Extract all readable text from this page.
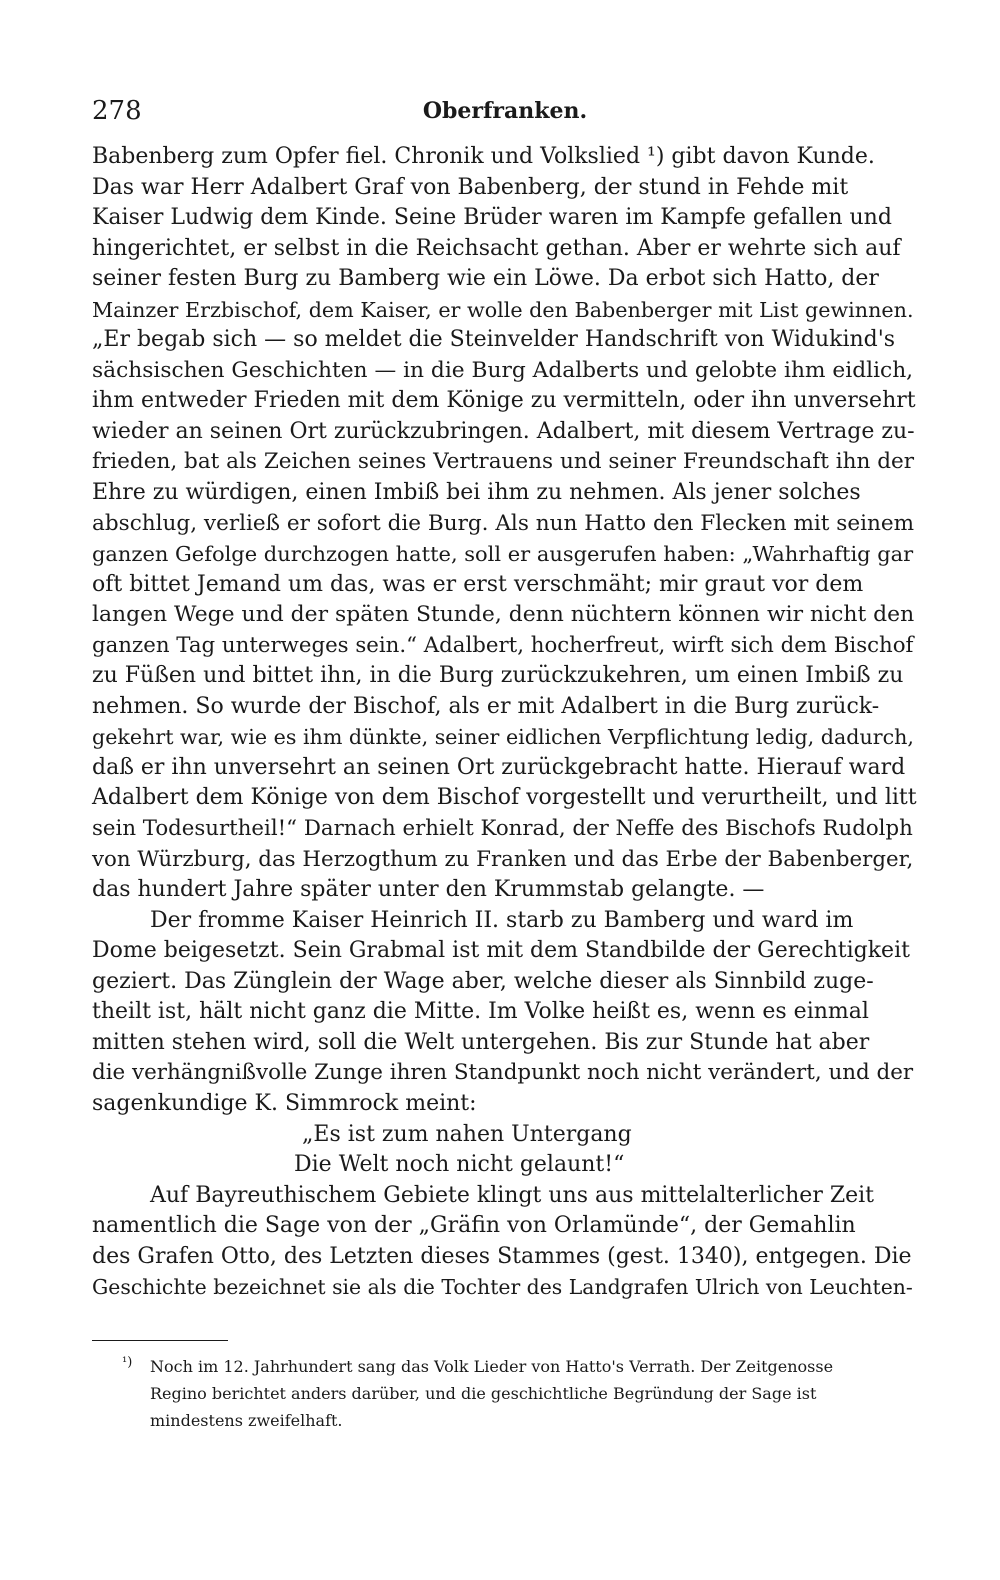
278	Oberfranken.
Babenberg zum Opfer fiel. Chronik und Volkslied ¹) gibt davon Kunde.
Das war Herr Adalbert Graf von Babenberg, der stund in Fehde mit
Kaiser Ludwig dem Kinde. Seine Brüder waren im Kampfe gefallen und
hingerichtet, er selbst in die Reichsacht gethan. Aber er wehrte sich auf
seiner festen Burg zu Bamberg wie ein Löwe. Da erbot sich Hatto, der
Mainzer Erzbischof, dem Kaiser, er wolle den Babenberger mit List gewinnen.
„Er begab sich — so meldet die Steinvelder Handschrift von Widukind's
sächsischen Geschichten — in die Burg Adalberts und gelobte ihm eidlich,
ihm entweder Frieden mit dem Könige zu vermitteln, oder ihn unversehrt
wieder an seinen Ort zurückzubringen. Adalbert, mit diesem Vertrage zu-
frieden, bat als Zeichen seines Vertrauens und seiner Freundschaft ihn der
Ehre zu würdigen, einen Imbiß bei ihm zu nehmen. Als jener solches
abschlug, verließ er sofort die Burg. Als nun Hatto den Flecken mit seinem
ganzen Gefolge durchzogen hatte, soll er ausgerufen haben: „Wahrhaftig gar
oft bittet Jemand um das, was er erst verschmäht; mir graut vor dem
langen Wege und der späten Stunde, denn nüchtern können wir nicht den
ganzen Tag unterweges sein.“ Adalbert, hocherfreut, wirft sich dem Bischof
zu Füßen und bittet ihn, in die Burg zurückzukehren, um einen Imbiß zu
nehmen. So wurde der Bischof, als er mit Adalbert in die Burg zurück-
gekehrt war, wie es ihm dünkte, seiner eidlichen Verpflichtung ledig, dadurch,
daß er ihn unversehrt an seinen Ort zurückgebracht hatte. Hierauf ward
Adalbert dem Könige von dem Bischof vorgestellt und verurtheilt, und litt
sein Todesurtheil!“ Darnach erhielt Konrad, der Neffe des Bischofs Rudolph
von Würzburg, das Herzogthum zu Franken und das Erbe der Babenberger,
das hundert Jahre später unter den Krummstab gelangte. —
Der fromme Kaiser Heinrich II. starb zu Bamberg und ward im
Dome beigesetzt. Sein Grabmal ist mit dem Standbilde der Gerechtigkeit
geziert. Das Zünglein der Wage aber, welche dieser als Sinnbild zuge-
theilt ist, hält nicht ganz die Mitte. Im Volke heißt es, wenn es einmal
mitten stehen wird, soll die Welt untergehen. Bis zur Stunde hat aber
die verhängnißvolle Zunge ihren Standpunkt noch nicht verändert, und der
sagenkundige K. Simmrock meint:
„Es ist zum nahen Untergang
Die Welt noch nicht gelaunt!“
Auf Bayreuthischem Gebiete klingt uns aus mittelalterlicher Zeit
namentlich die Sage von der „Gräfin von Orlamünde“, der Gemahlin
des Grafen Otto, des Letzten dieses Stammes (gest. 1340), entgegen. Die
Geschichte bezeichnet sie als die Tochter des Landgrafen Ulrich von Leuchten-
¹) Noch im 12. Jahrhundert sang das Volk Lieder von Hatto's Verrath. Der Zeitgenosse
Regino berichtet anders darüber, und die geschichtliche Begründung der Sage ist
mindestens zweifelhaft.
